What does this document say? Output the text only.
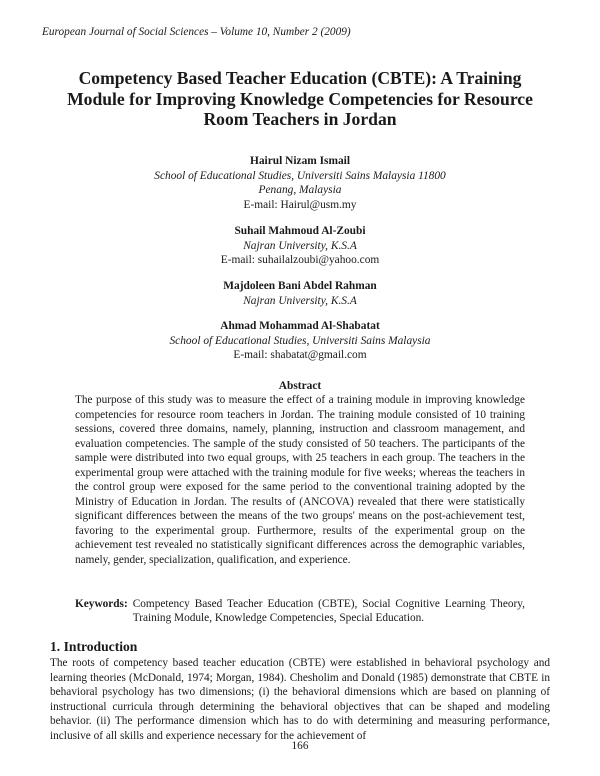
European Journal of Social Sciences – Volume 10, Number 2 (2009)
Competency Based Teacher Education (CBTE): A Training
Module for Improving Knowledge Competencies for Resource
Room Teachers in Jordan
Hairul Nizam Ismail
School of Educational Studies, Universiti Sains Malaysia 11800
Penang, Malaysia
E-mail: Hairul@usm.my
Suhail Mahmoud Al-Zoubi
Najran University, K.S.A
E-mail: suhailalzoubi@yahoo.com
Majdoleen Bani Abdel Rahman
Najran University, K.S.A
Ahmad Mohammad Al-Shabatat
School of Educational Studies, Universiti Sains Malaysia
E-mail: shabatat@gmail.com
Abstract
The purpose of this study was to measure the effect of a training module in improving knowledge competencies for resource room teachers in Jordan. The training module consisted of 10 training sessions, covered three domains, namely, planning, instruction and classroom management, and evaluation competencies. The sample of the study consisted of 50 teachers. The participants of the sample were distributed into two equal groups, with 25 teachers in each group. The teachers in the experimental group were attached with the training module for five weeks; whereas the teachers in the control group were exposed for the same period to the conventional training adopted by the Ministry of Education in Jordan. The results of (ANCOVA) revealed that there were statistically significant differences between the means of the two groups' means on the post-achievement test, favoring to the experimental group. Furthermore, results of the experimental group on the achievement test revealed no statistically significant differences across the demographic variables, namely, gender, specialization, qualification, and experience.
Keywords: Competency Based Teacher Education (CBTE), Social Cognitive Learning Theory, Training Module, Knowledge Competencies, Special Education.
1. Introduction
The roots of competency based teacher education (CBTE) were established in behavioral psychology and learning theories (McDonald, 1974; Morgan, 1984). Chesholim and Donald (1985) demonstrate that CBTE in behavioral psychology has two dimensions; (i) the behavioral dimensions which are based on planning of instructional curricula through determining the behavioral objectives that can be shaped and modeling behavior. (ii) The performance dimension which has to do with determining and measuring performance, inclusive of all skills and experience necessary for the achievement of
166
